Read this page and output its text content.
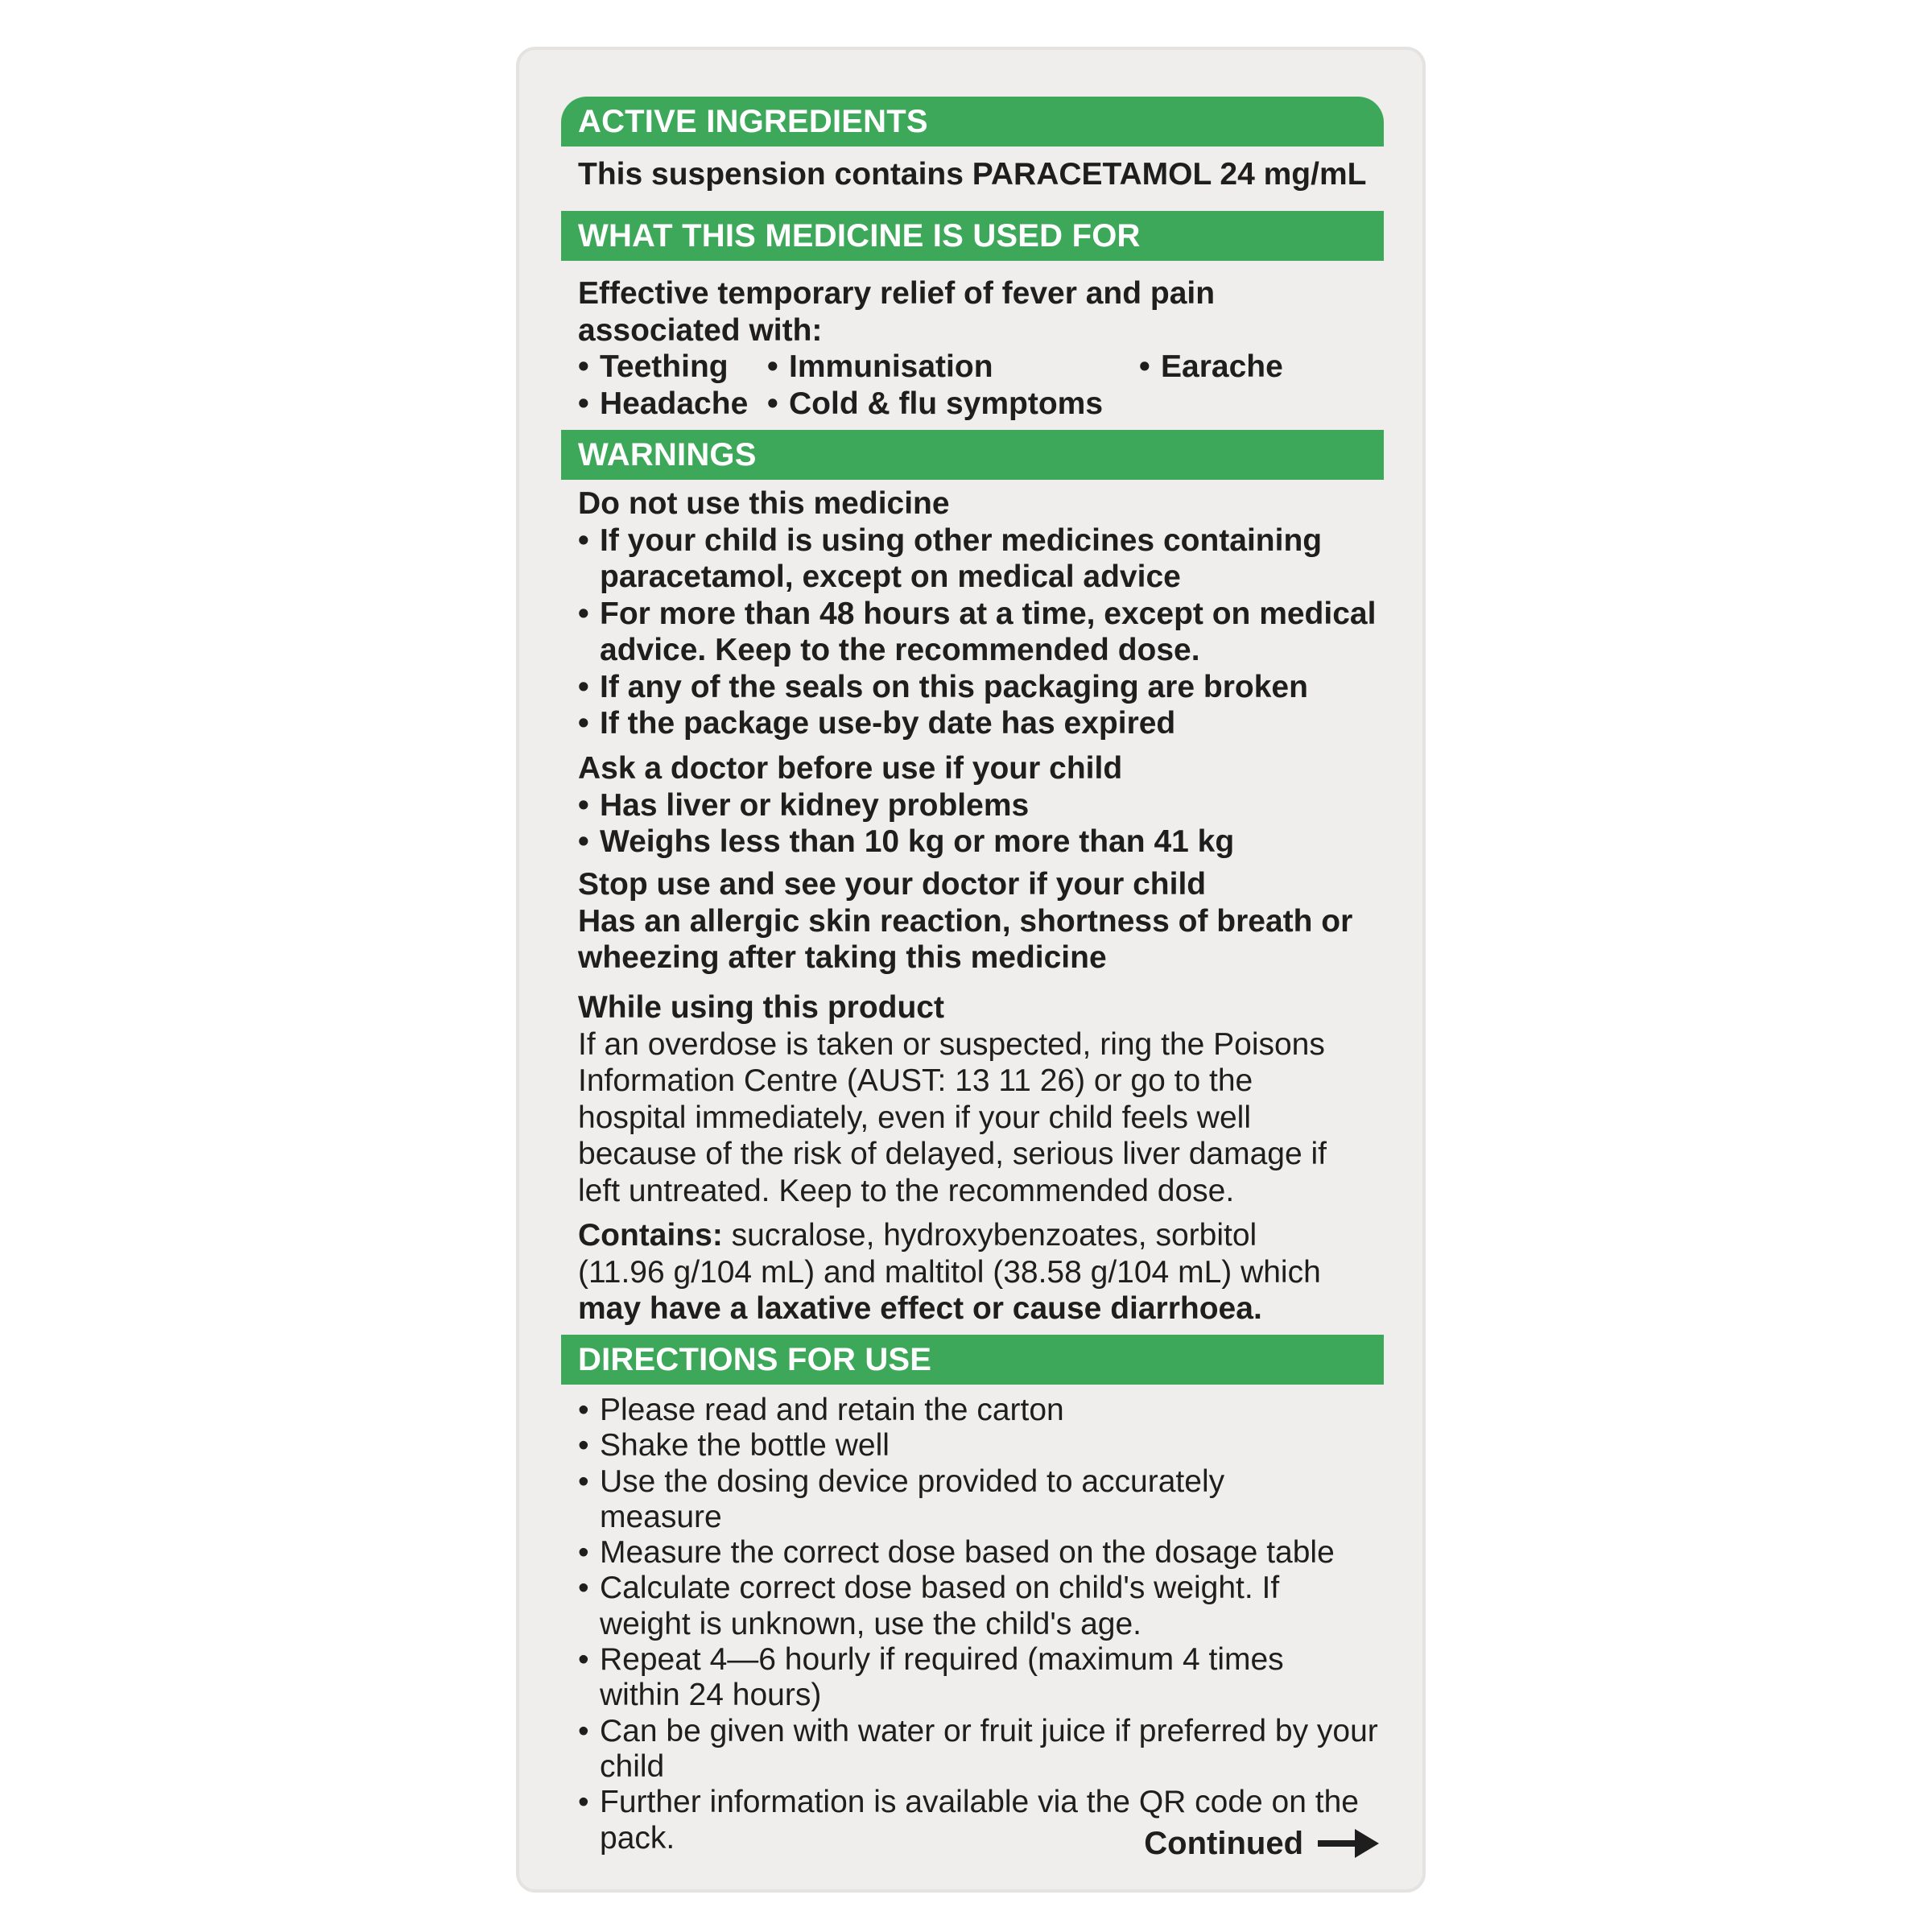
ACTIVE INGREDIENTS
This suspension contains PARACETAMOL 24 mg/mL
WHAT THIS MEDICINE IS USED FOR
Effective temporary relief of fever and pain
associated with:
• Teething
• Headache
• Immunisation
• Cold & flu symptoms
• Earache
WARNINGS
Do not use this medicine
• If your child is using other medicines containing paracetamol, except on medical advice
• For more than 48 hours at a time, except on medical advice. Keep to the recommended dose.
• If any of the seals on this packaging are broken
• If the package use-by date has expired
Ask a doctor before use if your child
• Has liver or kidney problems
• Weighs less than 10 kg or more than 41 kg
Stop use and see your doctor if your child
Has an allergic skin reaction, shortness of breath or
wheezing after taking this medicine
While using this product
If an overdose is taken or suspected, ring the Poisons
Information Centre (AUST: 13 11 26) or go to the
hospital immediately, even if your child feels well
because of the risk of delayed, serious liver damage if
left untreated. Keep to the recommended dose.
Contains: sucralose, hydroxybenzoates, sorbitol
(11.96 g/104 mL) and maltitol (38.58 g/104 mL) which
may have a laxative effect or cause diarrhoea.
DIRECTIONS FOR USE
• Please read and retain the carton
• Shake the bottle well
• Use the dosing device provided to accurately measure
• Measure the correct dose based on the dosage table
• Calculate correct dose based on child's weight. If weight is unknown, use the child's age.
• Repeat 4—6 hourly if required (maximum 4 times within 24 hours)
• Can be given with water or fruit juice if preferred by your child
• Further information is available via the QR code on the pack.	Continued
